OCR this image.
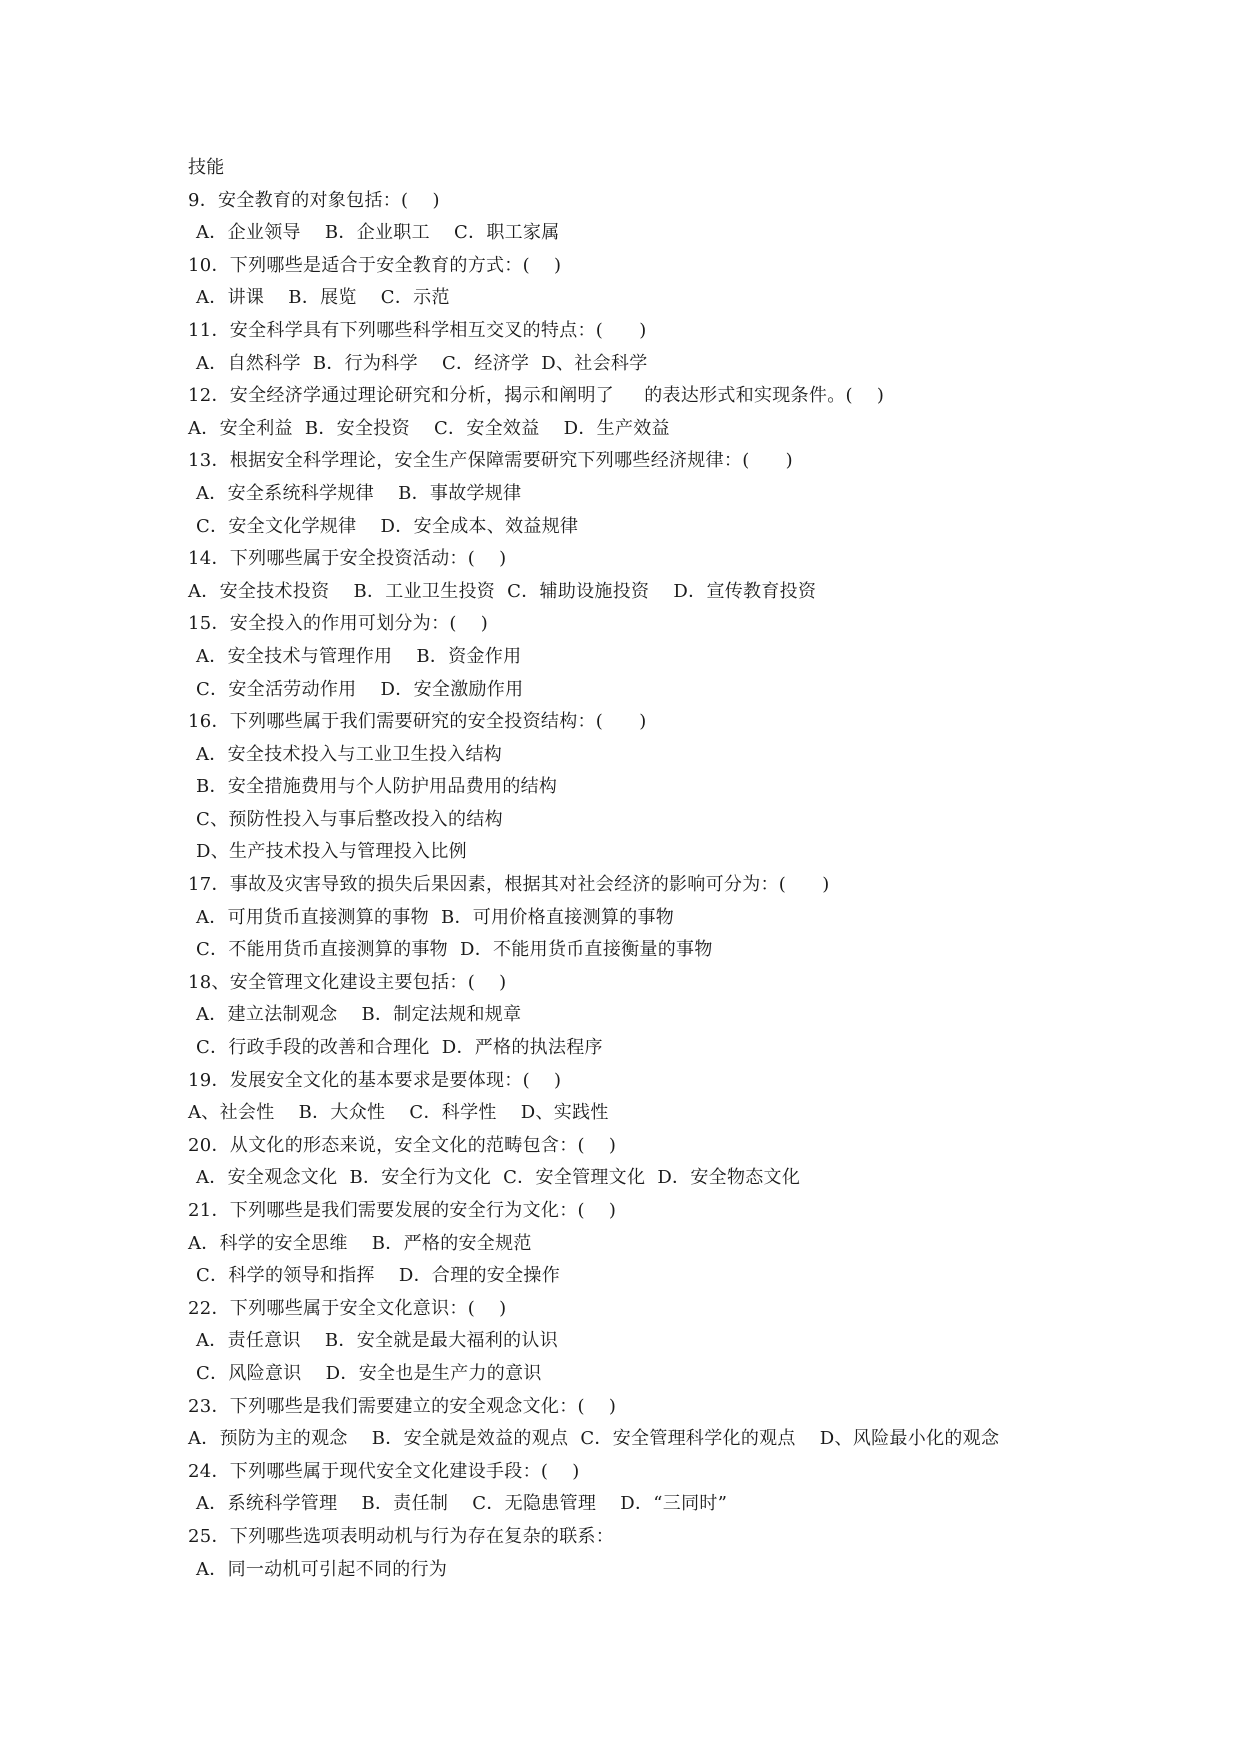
技能
9．安全教育的对象包括：(    )
A．企业领导    B．企业职工    C．职工家属
10．下列哪些是适合于安全教育的方式：(    )
A．讲课    B．展览    C．示范
11．安全科学具有下列哪些科学相互交叉的特点：(      )
A．自然科学  B．行为科学    C．经济学  D、社会科学
12．安全经济学通过理论研究和分析，揭示和阐明了     的表达形式和实现条件。(    )
A．安全利益  B．安全投资    C．安全效益    D．生产效益
13．根据安全科学理论，安全生产保障需要研究下列哪些经济规律：(      )
A．安全系统科学规律    B．事故学规律
C．安全文化学规律    D．安全成本、效益规律
14．下列哪些属于安全投资活动：(    )
A．安全技术投资    B．工业卫生投资  C．辅助设施投资    D．宣传教育投资
15．安全投入的作用可划分为：(    )
A．安全技术与管理作用    B．资金作用
C．安全活劳动作用    D．安全激励作用
16．下列哪些属于我们需要研究的安全投资结构：(      )
A．安全技术投入与工业卫生投入结构
B．安全措施费用与个人防护用品费用的结构
C、预防性投入与事后整改投入的结构
D、生产技术投入与管理投入比例
17．事故及灾害导致的损失后果因素，根据其对社会经济的影响可分为：(      )
A．可用货币直接测算的事物  B．可用价格直接测算的事物
C．不能用货币直接测算的事物  D．不能用货币直接衡量的事物
18、安全管理文化建设主要包括：(    )
A．建立法制观念    B．制定法规和规章
C．行政手段的改善和合理化  D．严格的执法程序
19．发展安全文化的基本要求是要体现：(    )
A、社会性    B．大众性    C．科学性    D、实践性
20．从文化的形态来说，安全文化的范畴包含：(    )
A．安全观念文化  B．安全行为文化  C．安全管理文化  D．安全物态文化
21．下列哪些是我们需要发展的安全行为文化：(    )
A．科学的安全思维    B．严格的安全规范
C．科学的领导和指挥    D．合理的安全操作
22．下列哪些属于安全文化意识：(    )
A．责任意识    B．安全就是最大福利的认识
C．风险意识    D．安全也是生产力的意识
23．下列哪些是我们需要建立的安全观念文化：(    )
A．预防为主的观念    B．安全就是效益的观点  C．安全管理科学化的观点    D、风险最小化的观念
24．下列哪些属于现代安全文化建设手段：(    )
A．系统科学管理    B．责任制    C．无隐患管理    D．“三同时”
25．下列哪些选项表明动机与行为存在复杂的联系：
A．同一动机可引起不同的行为
